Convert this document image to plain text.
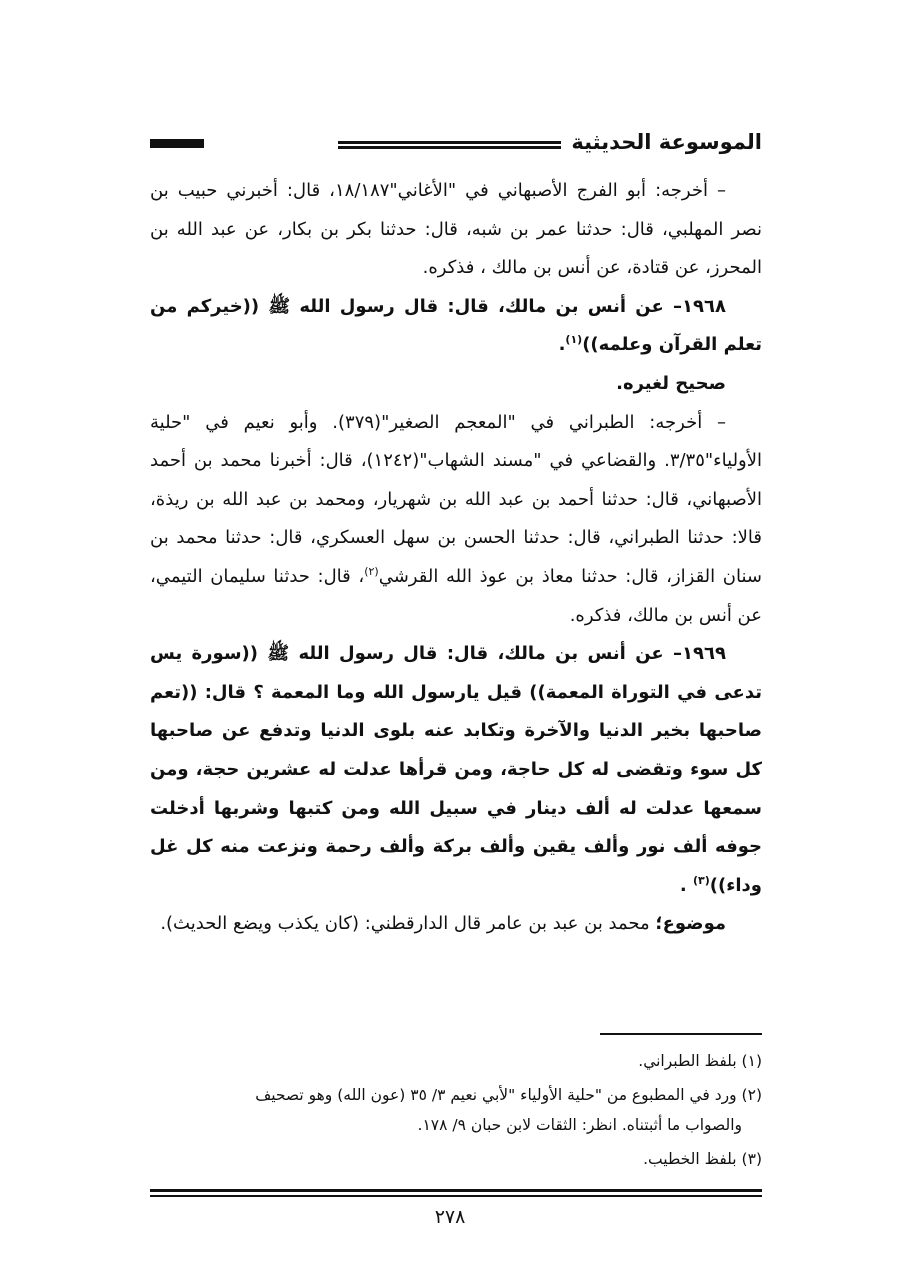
الموسوعة الحديثية

– أخرجه: أبو الفرج الأصبهاني في "الأغاني"١٨/١٨٧، قال: أخبرني حبيب بن نصر المهلبي، قال: حدثنا عمر بن شبه، قال: حدثنا بكر بن بكار، عن عبد الله بن المحرز، عن قتادة، عن أنس بن مالك ، فذكره.

١٩٦٨– عن أنس بن مالك، قال: قال رسول الله ﷺ ((خيركم من تعلم القرآن وعلمه))$^{(١)}$.

صحيح لغيره.

– أخرجه: الطبراني في "المعجم الصغير"(٣٧٩). وأبو نعيم في "حلية الأولياء"٣/٣٥. والقضاعي في "مسند الشهاب"(١٢٤٢)، قال: أخبرنا محمد بن أحمد الأصبهاني، قال: حدثنا أحمد بن عبد الله بن شهريار، ومحمد بن عبد الله بن ريذة، قالا: حدثنا الطبراني، قال: حدثنا الحسن بن سهل العسكري، قال: حدثنا محمد بن سنان القزاز، قال: حدثنا معاذ بن عوذ الله القرشي$^{(٢)}$، قال: حدثنا سليمان التيمي، عن أنس بن مالك، فذكره.

١٩٦٩– عن أنس بن مالك، قال: قال رسول الله ﷺ ((سورة يس تدعى في التوراة المعمة)) قيل يارسول الله وما المعمة ؟ قال: ((تعم صاحبها بخير الدنيا والآخرة وتكابد عنه بلوى الدنيا وتدفع عن صاحبها كل سوء وتقضى له كل حاجة، ومن قرأها عدلت له عشرين حجة، ومن سمعها عدلت له ألف دينار في سبيل الله ومن كتبها وشربها أدخلت جوفه ألف نور وألف يقين وألف بركة وألف رحمة ونزعت منه كل غل وداء))$^{(٣)}$ .

موضوع؛ محمد بن عبد بن عامر قال الدارقطني: (كان يكذب ويضع الحديث).

(١) بلفظ الطبراني.

(٢) ورد في المطبوع من "حلية الأولياء "لأبي نعيم ٣/ ٣٥ (عون الله) وهو تصحيف

والصواب ما أثبتناه. انظر: الثقات لابن حبان ٩/ ١٧٨.

(٣) بلفظ الخطيب.

٢٧٨
